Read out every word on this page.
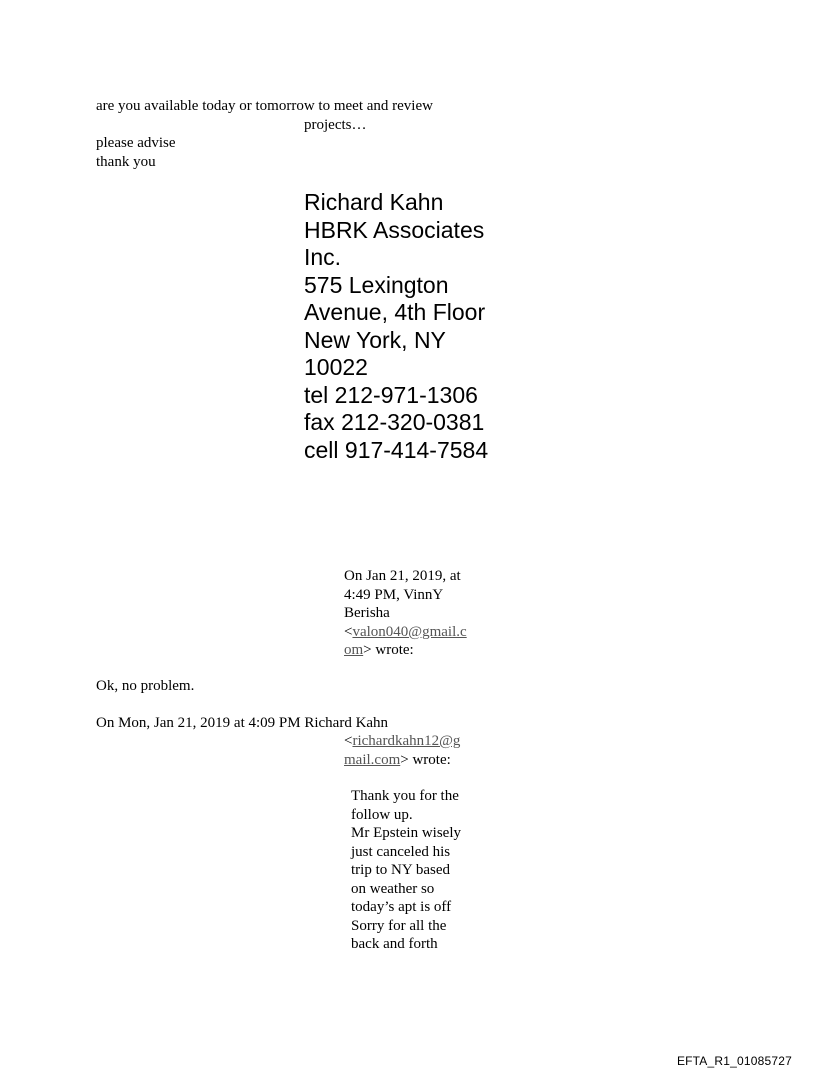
are you available today or tomorrow to meet and review
projects…
please advise
thank you
Richard Kahn
HBRK Associates
Inc.
575 Lexington
Avenue, 4th Floor
New York, NY
10022
tel 212-971-1306
fax 212-320-0381
cell 917-414-7584
On Jan 21, 2019, at
4:49 PM, VinnY
Berisha
<valon040@gmail.c
om> wrote:
Ok, no problem.
On Mon, Jan 21, 2019 at 4:09 PM Richard Kahn
<richardkahn12@g
mail.com> wrote:
Thank you for the
follow up.
Mr Epstein wisely
just canceled his
trip to NY based
on weather so
today’s apt is off
Sorry for all the
back and forth
EFTA_R1_01085727
